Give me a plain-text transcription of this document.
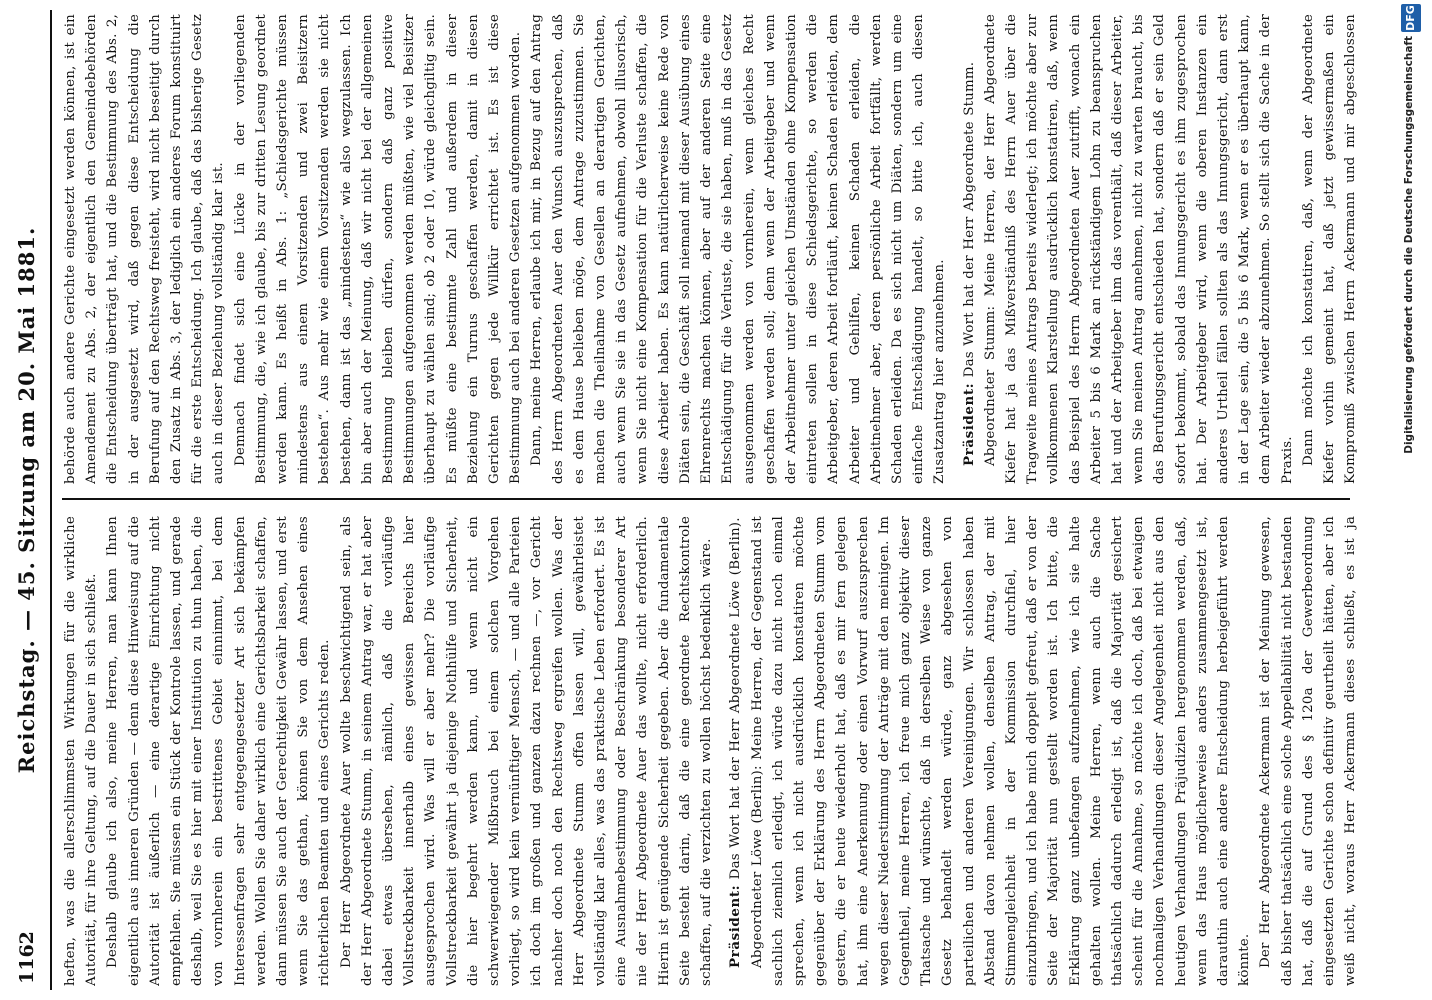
1162
Reichstag. — 45. Sitzung am 20. Mai 1881. heften, was die allerschlimmsten Wirkungen für die wirkliche Autorität, für ihre Geltung, auf die Dauer in sich schließt. Deshalb glaube ich also, meine Herren, man kann Ihnen eigentlich aus inneren Gründen — denn diese Hinweisung auf die Autorität ist äußerlich — eine derartige Einrichtung nicht empfehlen. Sie müssen ein Stück der Kontrole lassen, und gerade deshalb, weil Sie es hier mit einer Institution zu thun haben, die von vornherein ein bestrittenes Gebiet einnimmt, bei dem Interessenfragen sehr entgegengesetzter Art sich bekämpfen werden. Wollen Sie daher wirklich eine Gerichtsbarkeit schaffen, dann müssen Sie auch der Gerechtigkeit Gewähr lassen, und erst wenn Sie das gethan, können Sie von dem Ansehen eines richterlichen Beamten und eines Gerichts reden. Der Herr Abgeordnete Auer wollte beschwichtigend sein, als der Herr Abgeordnete Stumm, in seinem Antrag war, er hat aber dabei etwas übersehen, nämlich, daß die vorläufige Vollstreckbarkeit innerhalb eines gewissen Bereichs hier ausgesprochen wird. Was will er aber mehr? Die vorläufige Vollstreckbarkeit gewährt ja diejenige Nothhülfe und Sicherheit, die hier begehrt werden kann, und wenn nicht ein schwerwiegender Mißbrauch bei einem solchen Vorgehen vorliegt, so wird kein vernünftiger Mensch, — und alle Parteien ich doch im großen und ganzen dazu rechnen —, vor Gericht nachher doch noch den Rechtsweg ergreifen wollen. Was der Herr Abgeordnete Stumm offen lassen will, gewährleistet vollständig klar alles, was das praktische Leben erfordert. Es ist eine Ausnahmebestimmung oder Beschränkung besonderer Art nie der Herr Abgeordnete Auer das wollte, nicht erforderlich. Hierin ist genügende Sicherheit gegeben. Aber die fundamentale Seite besteht darin, daß die eine geordnete Rechtskontrole schaffen, auf die verzichten zu wollen höchst bedenklich wäre. Präsident: Das Wort hat der Herr Abgeordnete Löwe (Berlin). Abgeordneter Löwe (Berlin): Meine Herren, der Gegenstand ist sachlich ziemlich erledigt, ich würde dazu nicht noch einmal sprechen, wenn ich nicht ausdrücklich konstatiren möchte gegenüber der Erklärung des Herrn Abgeordneten Stumm vom gestern, die er heute wiederholt hat, daß es mir fern gelegen hat, ihm eine Anerkennung oder einen Vorwurf auszusprechen wegen dieser Niederstimmung der Anträge mit den meinigen. Im Gegentheil, meine Herren, ich freue mich ganz objektiv dieser Thatsache und wünschte, daß in derselben Weise von ganze Gesetz behandelt werden würde, ganz abgesehen von parteilichen und anderen Vereinigungen. Wir schlossen haben Abstand davon nehmen wollen, denselben Antrag, der mit Stimmengleichheit in der Kommission durchfiel, hier einzubringen, und ich habe mich doppelt gefreut, daß er von der Seite der Majorität nun gestellt worden ist. Ich bitte, die Erklärung ganz unbefangen aufzunehmen, wie ich sie halte gehalten wollen. Meine Herren, wenn auch die Sache thatsächlich dadurch erledigt ist, daß die Majorität gesichert scheint für die Annahme, so möchte ich doch, daß bei etwaigen nochmaligen Verhandlungen dieser Angelegenheit nicht aus den heutigen Verhandlungen Präjudizien hergenommen werden, daß, wenn das Haus möglicherweise anders zusammengesetzt ist, darauthin auch eine andere Entscheidung herbeigeführt werden könnte. Der Herr Abgeordnete Ackermann ist der Meinung gewesen, daß bisher thatsächlich eine solche Appellabilität nicht bestanden hat, daß die auf Grund des § 120a der Gewerbeordnung eingesetzten Gerichte schon definitiv geurtheilt hätten, aber ich weiß nicht, woraus Herr Ackermann dieses schließt, es ist ja

behörde auch andere Gerichte eingesetzt werden können, ist ein Amendement zu Abs. 2, der eigentlich den Gemeindebehörden die Entscheidung überträgt hat, und die Bestimmung des Abs. 2, in der ausgesetzt wird, daß gegen diese Entscheidung die Berufung auf den Rechtsweg freisteht, wird nicht beseitigt durch den Zusatz in Abs. 3, der lediglich ein anderes Forum konstituirt für die erste Entscheidung. Ich glaube, daß das bisherige Gesetz auch in dieser Beziehung vollständig klar ist. Demnach findet sich eine Lücke in der vorliegenden Bestimmung, die, wie ich glaube, bis zur dritten Lesung geordnet werden kann. Es heißt in Abs. 1: „Schiedsgerichte müssen mindestens aus einem Vorsitzenden und zwei Beisitzern bestehen“. Aus mehr wie einem Vorsitzenden werden sie nicht bestehen, dann ist das „mindestens“ wie also wegzulassen. Ich bin aber auch der Meinung, daß wir nicht bei der allgemeinen Bestimmung bleiben dürfen, sondern daß ganz positive Bestimmungen aufgenommen werden müßten, wie viel Beisitzer überhaupt zu wählen sind; ob 2 oder 10, würde gleichgiltig sein. Es müßte eine bestimmte Zahl und außerdem in dieser Beziehung ein Turnus geschaffen werden, damit in diesen Gerichten gegen jede Willkür errichtet ist. Es ist diese Bestimmung auch bei anderen Gesetzen aufgenommen worden. Dann, meine Herren, erlaube ich mir, in Bezug auf den Antrag des Herrn Abgeordneten Auer den Wunsch auszusprechen, daß es dem Hause belieben möge, dem Antrage zuzustimmen. Sie machen die Theilnahme von Gesellen an derartigen Gerichten, auch wenn Sie sie in das Gesetz aufnehmen, obwohl illusorisch, wenn Sie nicht eine Kompensation für die Verluste schaffen, die diese Arbeiter haben. Es kann natürlicherweise keine Rede von Diäten sein, die Geschäft soll niemand mit dieser Ausübung eines Ehrenrechts machen können, aber auf der anderen Seite eine Entschädigung für die Verluste, die sie haben, muß in das Gesetz ausgenommen werden von vornherein, wenn gleiches Recht geschaffen werden soll; denn wenn der Arbeitgeber und wenn der Arbeitnehmer unter gleichen Umständen ohne Kompensation eintreten sollen in diese Schiedsgerichte, so werden die Arbeitgeber, deren Arbeit fortläuft, keinen Schaden erleiden, dem Arbeiter und Gehilfen, keinen Schaden erleiden, die Arbeitnehmer aber, deren persönliche Arbeit fortfällt, werden Schaden erleiden. Da es sich nicht um Diäten, sondern um eine einfache Entschädigung handelt, so bitte ich, auch diesen Zusatzantrag hier anzunehmen. Präsident: Das Wort hat der Herr Abgeordnete Stumm. Abgeordneter Stumm: Meine Herren, der Herr Abgeordnete Kiefer hat ja das Mißverständniß des Herrn Auer über die Tragweite meines Antrags bereits widerlegt; ich möchte aber zur vollkommenen Klarstellung ausdrücklich konstatiren, daß, wenn das Beispiel des Herrn Abgeordneten Auer zutrifft, wonach ein Arbeiter 5 bis 6 Mark an rückständigem Lohn zu beanspruchen hat und der Arbeitgeber ihm das vorenthält, daß dieser Arbeiter, wenn Sie meinen Antrag annehmen, nicht zu warten braucht, bis das Berufungsgericht entschieden hat, sondern daß er sein Geld sofort bekommt, sobald das Innungsgericht es ihm zugesprochen hat. Der Arbeitgeber wird, wenn die oberen Instanzen ein anderes Urtheil fällen sollten als das Innungsgericht, dann erst in der Lage sein, die 5 bis 6 Mark, wenn er es überhaupt kann, dem Arbeiter wieder abzunehmen. So stellt sich die Sache in der Praxis. Dann möchte ich konstatiren, daß, wenn der Abgeordnete Kiefer vorhin gemeint hat, daß jetzt gewissermaßen ein Kompromiß zwischen Herrn Ackermann und mir abgeschlossen	Digitalisierung gefördert durch die Deutsche Forschungsgemeinschaft
DFG
